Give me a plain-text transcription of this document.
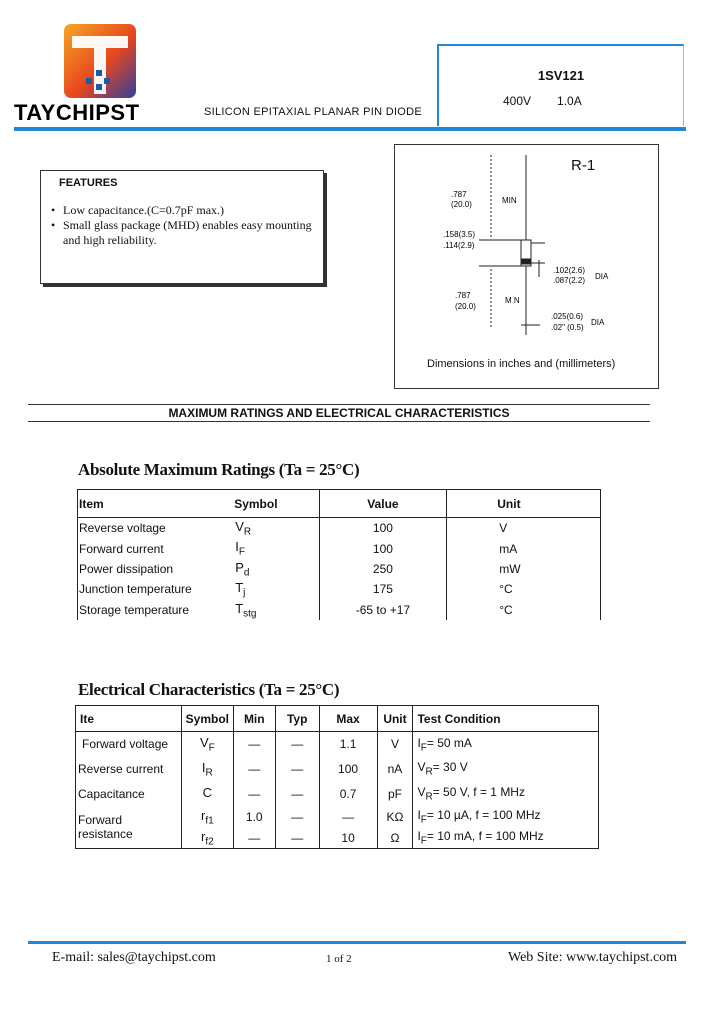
TAYCHIPST	SILICON EPITAXIAL PLANAR PIN DIODE
1SV121
400V 1.0A
FEATURES
• Low capacitance.(C=0.7pF max.)
• Small glass package (MHD) enables easy mounting and high reliability.
.787
(20.0)	MIN
.158(3.5)
.114(2.9)
.102(2.6)
.087(2.2) DIA
.787
(20.0)
M N
.025(0.6)
.02" (0.5)
DIA
R-1
Dimensions in inches and (millimeters)
MAXIMUM RATINGS AND ELECTRICAL CHARACTERISTICS
Absolute Maximum Ratings (Ta = 25°C)
Item	Symbol	Value	Unit
Reverse voltage	$V_R$	100	V
Forward current	$I_F$	100	mA
Power dissipation	$P_d$	250	mW
Junction temperature	$T_j$	175	°C
Storage temperature	$T_{stg}$	-65 to +17	°C
Electrical Characteristics (Ta = 25°C)
Ite	Symbol	Min	Typ	Max	Unit	Test Condition
Forward voltage	$V_F$	—	—	1.1	V	$I_F= 50$ mA
Reverse current	$I_R$	—	—	100	nA	$V_R= 30$ V
Capacitance	C	—	—	0.7	pF	$V_R= 50$ V, f = 1 MHz
Forward resistance	$r_{f1}$	1.0	—	—	KΩ	$I_F= 10$ µA, f = 100 MHz
	$r_{f2}$	—	—	10	Ω	$I_F= 10$ mA, f = 100 MHz
E-mail: sales@taychipst.com	1 of 2	Web Site: www.taychipst.com
